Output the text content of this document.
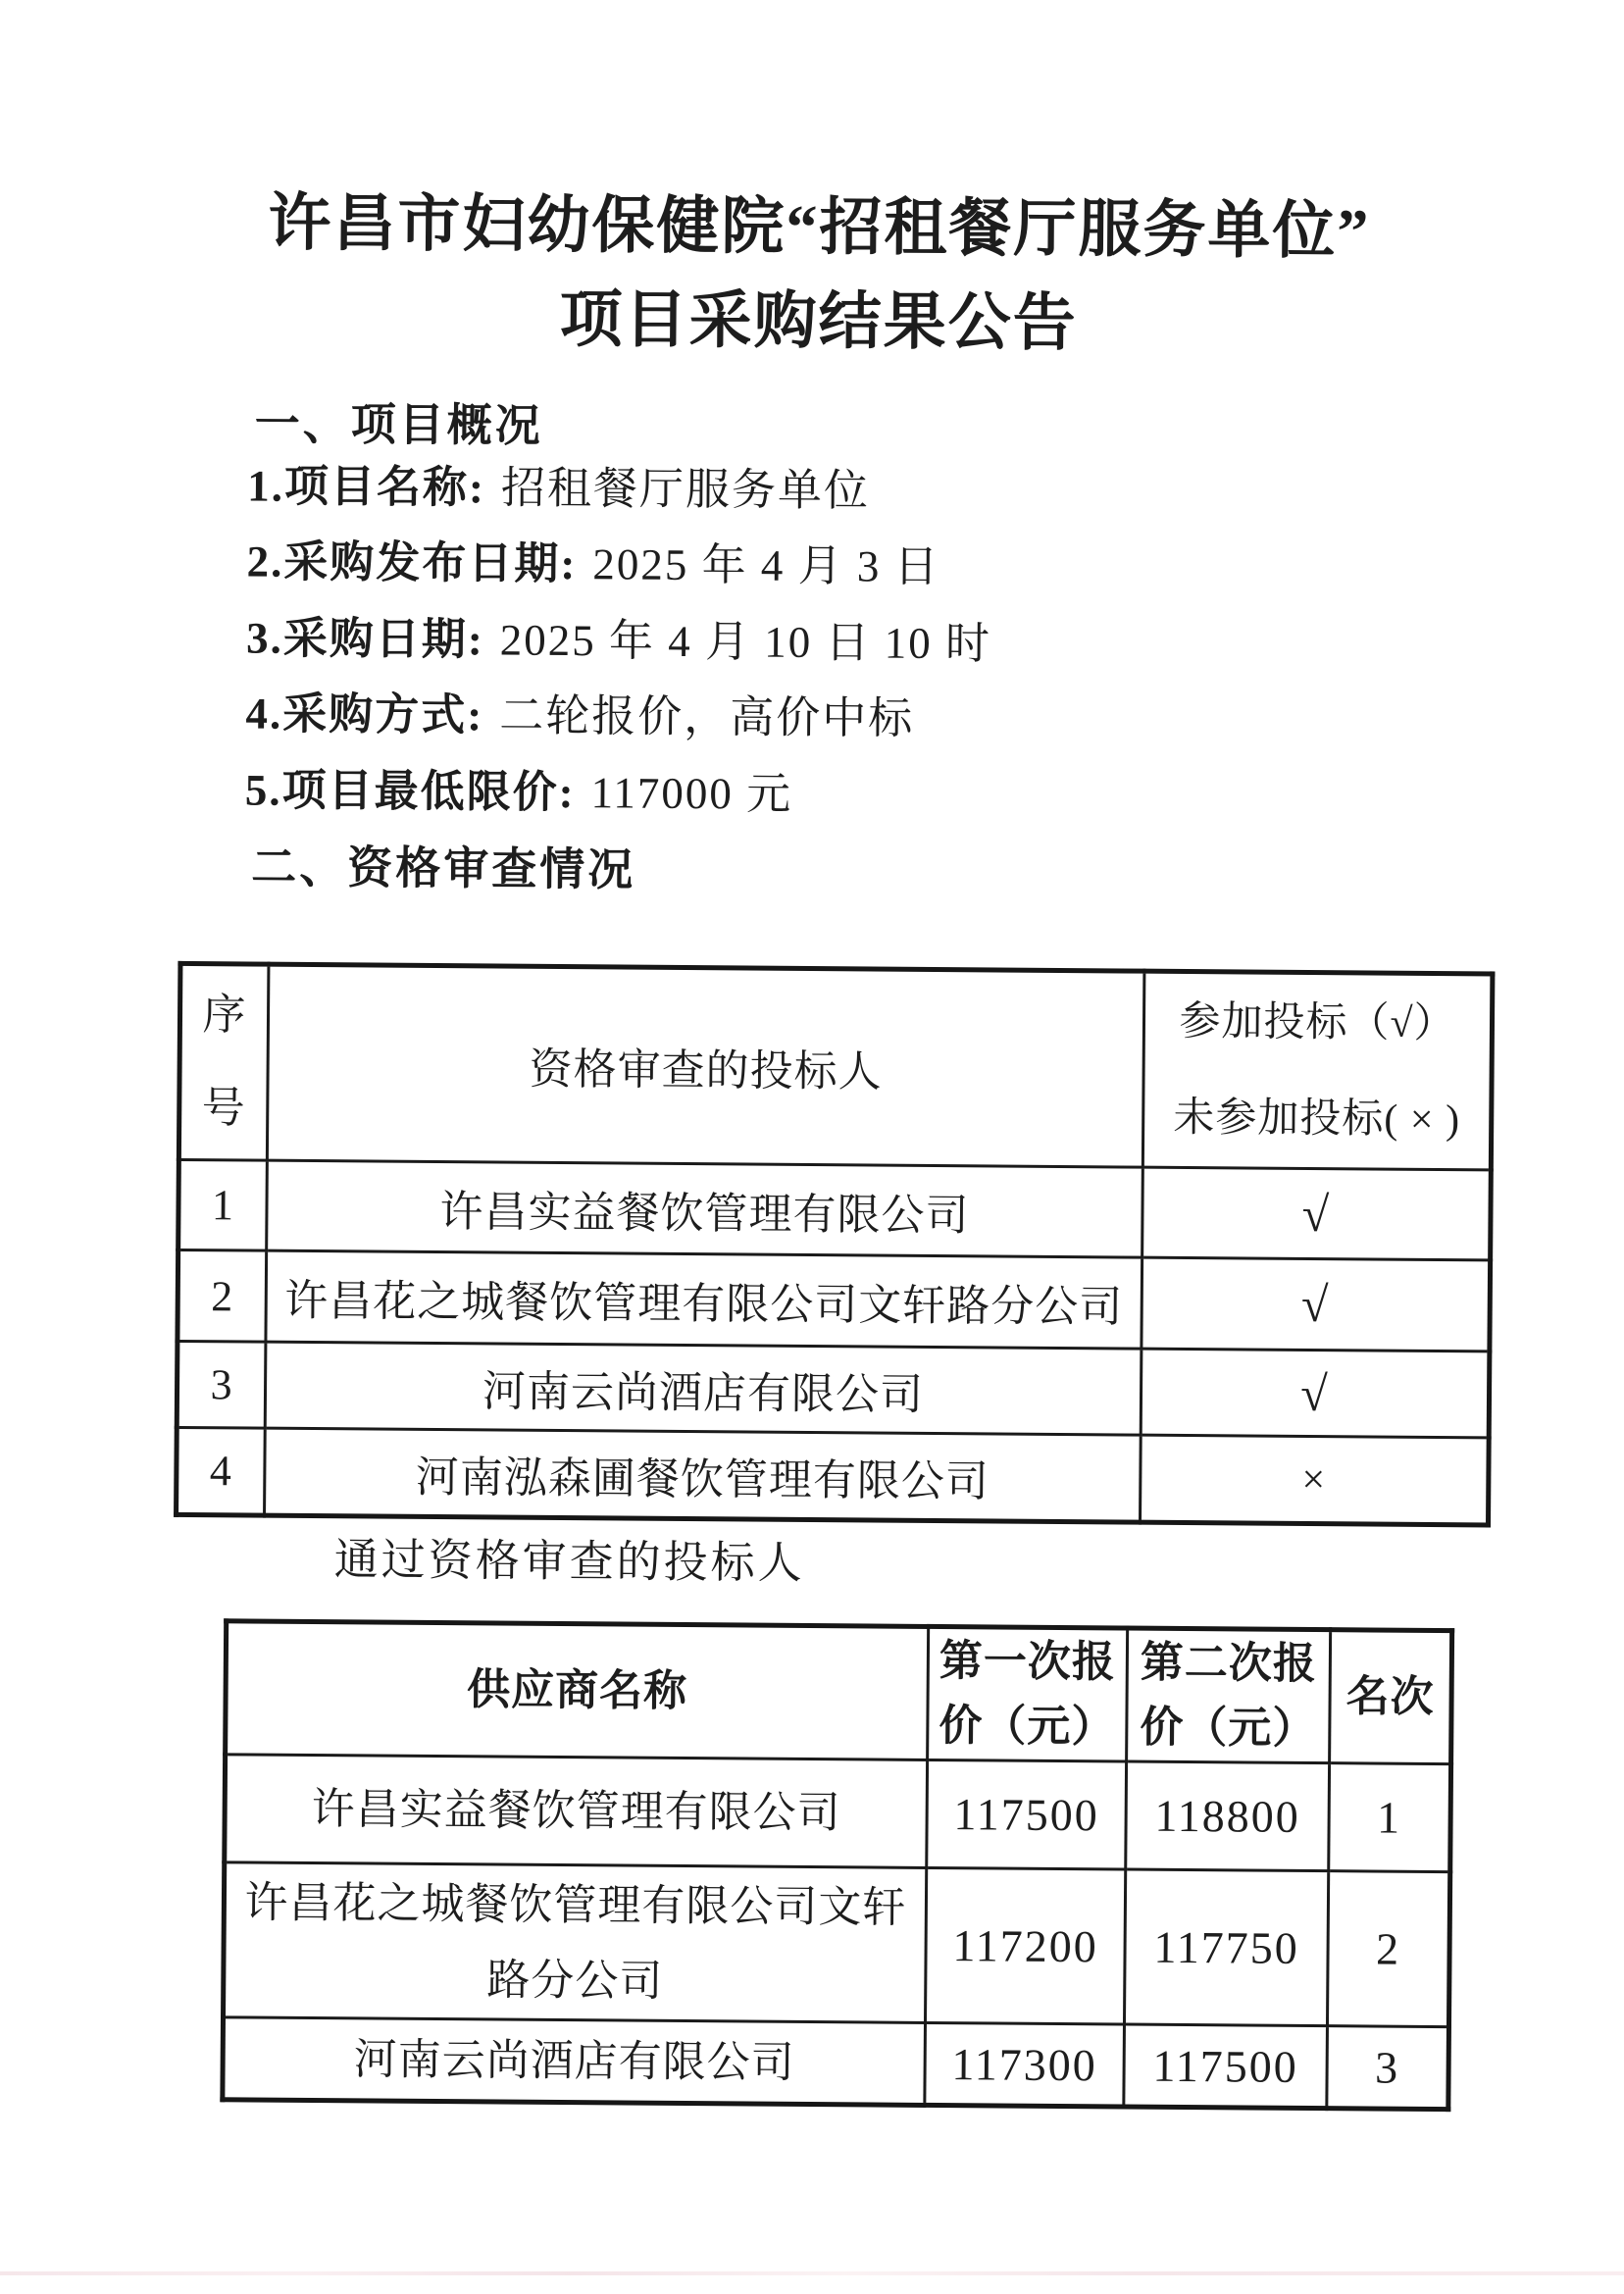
许昌市妇幼保健院“招租餐厅服务单位”
项目采购结果公告
一、项目概况
1.项目名称: 招租餐厅服务单位
2.采购发布日期: 2025 年 4 月 3 日
3.采购日期: 2025 年 4 月 10 日 10 时
4.采购方式: 二轮报价，高价中标
5.项目最低限价: 117000 元
二、资格审查情况
序号	资格审查的投标人	参加投标（√）
未参加投标( × )

1	许昌实益餐饮管理有限公司	√
2	许昌花之城餐饮管理有限公司文轩路分公司	√
3	河南云尚酒店有限公司	√
4	河南泓森圃餐饮管理有限公司	×
通过资格审查的投标人
供应商名称	第一次报价（元）	第二次报价（元）	名次
许昌实益餐饮管理有限公司	117500	118800	1
许昌花之城餐饮管理有限公司文轩路分公司	117200	117750	2
河南云尚酒店有限公司	117300	117500	3
